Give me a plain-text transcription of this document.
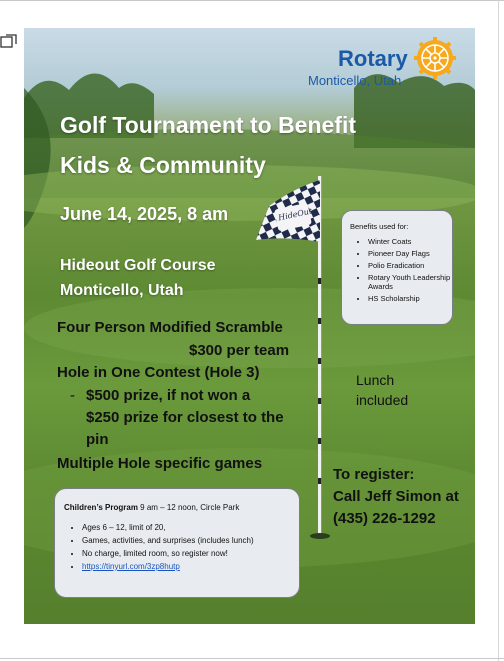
HideOut
Rotary
Monticello, Utah
Golf Tournament to Benefit
Kids & Community
June 14, 2025, 8 am
Hideout Golf Course
Monticello, Utah
Four Person Modified Scramble
$300 per team
Hole in One Contest (Hole 3)
- $500 prize, if not won a
$250 prize for closest to the
pin
Multiple Hole specific games
Lunch
included
To register:
Call Jeff Simon at
(435) 226-1292
Benefits used for:
• Winter Coats
• Pioneer Day Flags
• Polio Eradication
• Rotary Youth Leadership Awards
• HS Scholarship
Children’s Program 9 am – 12 noon, Circle Park
• Ages 6 – 12, limit of 20,
• Games, activities, and surprises (includes lunch)
• No charge, limited room, so register now!
• https://tinyurl.com/3zp8hutp
